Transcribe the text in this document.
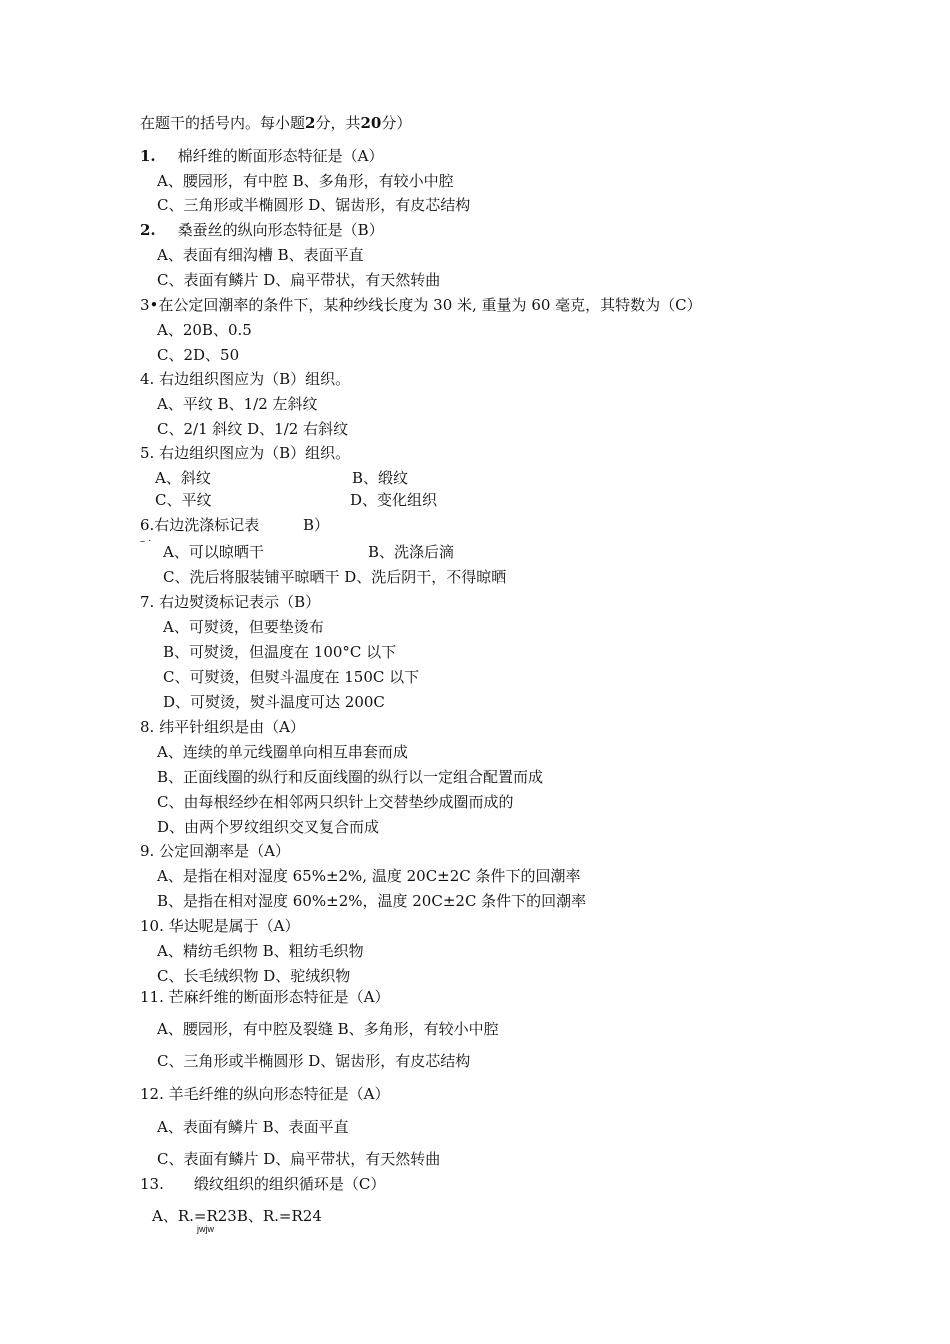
在题干的括号内。每小题2分，共20分）
1. 棉纤维的断面形态特征是（A）
A、腰园形，有中腔 B、多角形，有较小中腔
C、三角形或半椭圆形 D、锯齿形，有皮芯结构
2. 桑蚕丝的纵向形态特征是（B）
A、表面有细沟槽 B、表面平直
C、表面有鳞片 D、扁平带状，有天然转曲
3•在公定回潮率的条件下，某种纱线长度为 30 米, 重量为 60 毫克，其特数为（C）
A、20B、0.5
C、2D、50
4. 右边组织图应为（B）组织。
A、平纹 B、1/2 左斜纹
C、2/1 斜纹 D、1/2 右斜纹
5. 右边组织图应为（B）组织。
A、斜纹	B、缎纹
C、平纹	D、变化组织
6.右边洗涤标记表	B）
– ·
A、可以晾晒干	B、洗涤后滴
C、洗后将服装铺平晾晒干 D、洗后阴干，不得晾晒
7. 右边熨烫标记表示（B）
A、可熨烫，但要垫烫布
B、可熨烫，但温度在 100°C 以下
C、可熨烫，但熨斗温度在 150C 以下
D、可熨烫，熨斗温度可达 200C
8. 纬平针组织是由（A）
A、连续的单元线圈单向相互串套而成
B、正面线圈的纵行和反面线圈的纵行以一定组合配置而成
C、由每根经纱在相邻两只织针上交替垫纱成圈而成的
D、由两个罗纹组织交叉复合而成
9. 公定回潮率是（A）
A、是指在相对湿度 65%±2%, 温度 20C±2C 条件下的回潮率
B、是指在相对湿度 60%±2%，温度 20C±2C 条件下的回潮率
10. 华达呢是属于（A）
A、精纺毛织物 B、粗纺毛织物
C、长毛绒织物 D、驼绒织物
11. 芒麻纤维的断面形态特征是（A）
A、腰园形，有中腔及裂缝 B、多角形，有较小中腔
C、三角形或半椭圆形 D、锯齿形，有皮芯结构
12. 羊毛纤维的纵向形态特征是（A）
A、表面有鳞片 B、表面平直
C、表面有鳞片 D、扁平带状，有天然转曲
13. 缎纹组织的组织循环是（C）
A、R.=R23B、R.=R24
jwjw
